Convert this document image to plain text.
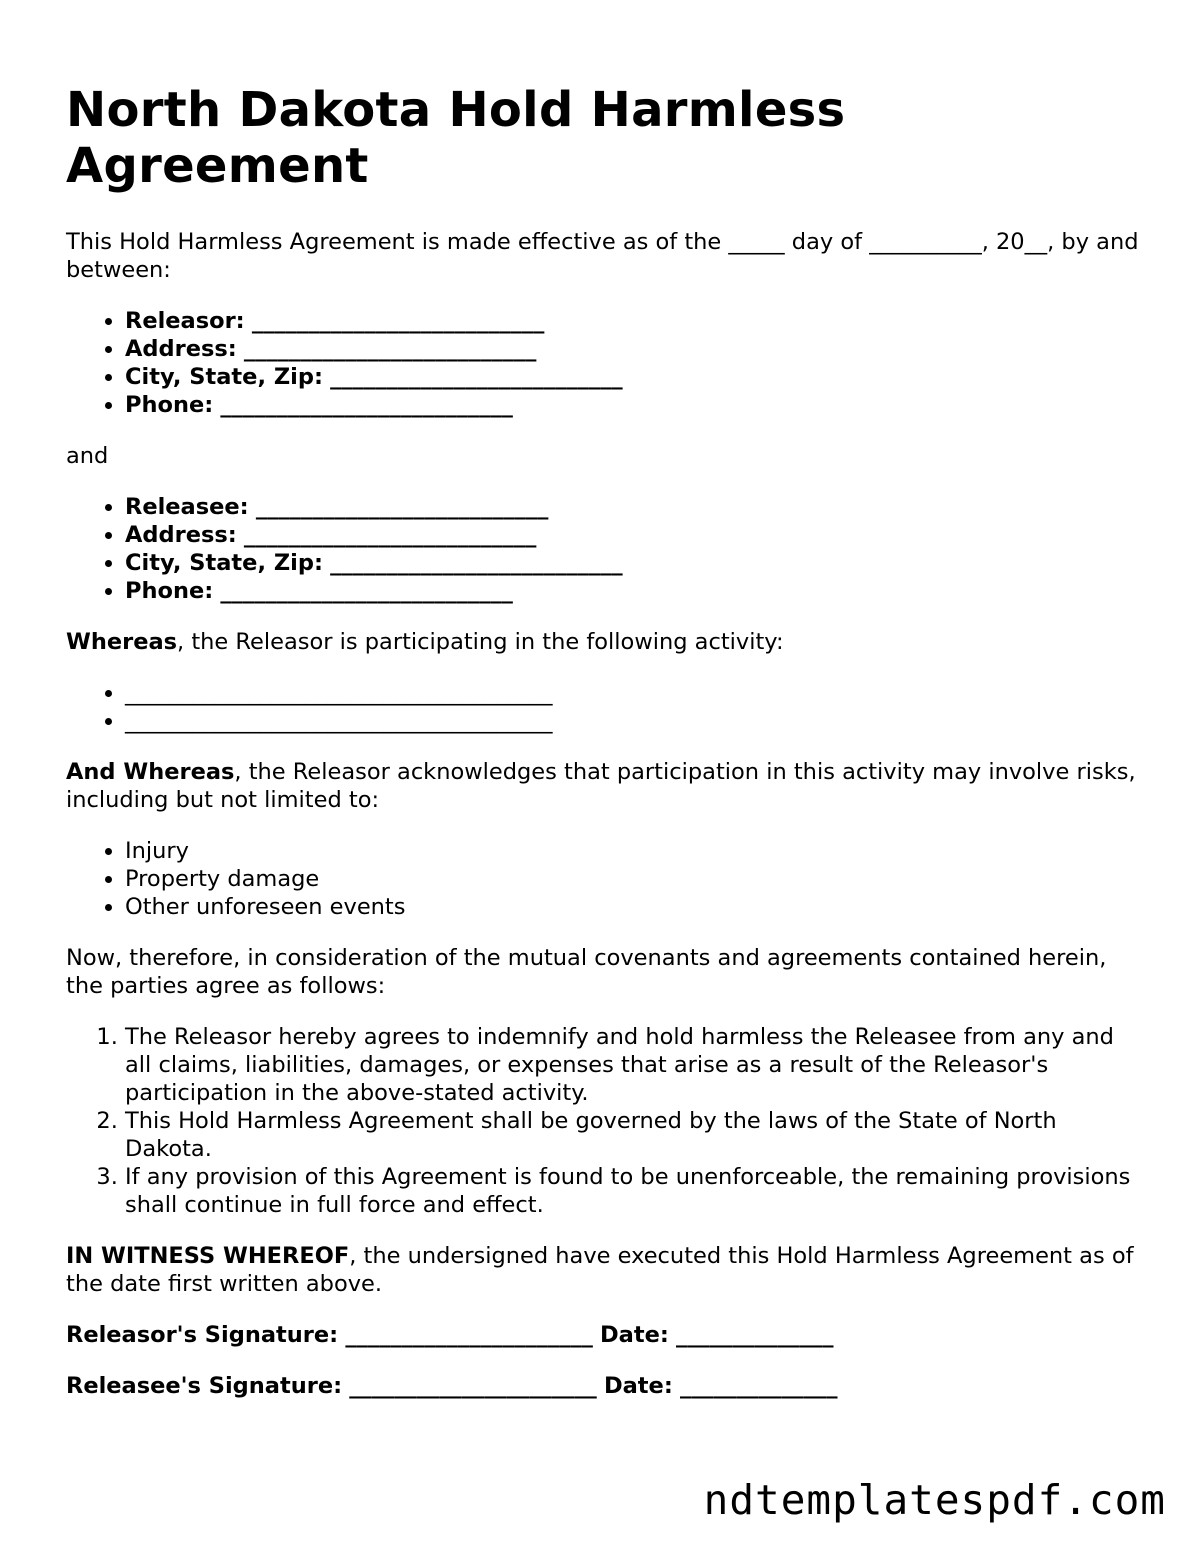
North Dakota Hold Harmless Agreement

This Hold Harmless Agreement is made effective as of the _____ day of __________, 20__, by and between:

• Releasor: __________________________
• Address: __________________________
• City, State, Zip: __________________________
• Phone: __________________________

and

• Releasee: __________________________
• Address: __________________________
• City, State, Zip: __________________________
• Phone: __________________________

Whereas, the Releasor is participating in the following activity:

• ______________________________________
• ______________________________________

And Whereas, the Releasor acknowledges that participation in this activity may involve risks, including but not limited to:

• Injury
• Property damage
• Other unforeseen events

Now, therefore, in consideration of the mutual covenants and agreements contained herein, the parties agree as follows:

1. The Releasor hereby agrees to indemnify and hold harmless the Releasee from any and all claims, liabilities, damages, or expenses that arise as a result of the Releasor's participation in the above-stated activity.
2. This Hold Harmless Agreement shall be governed by the laws of the State of North Dakota.
3. If any provision of this Agreement is found to be unenforceable, the remaining provisions shall continue in full force and effect.

IN WITNESS WHEREOF, the undersigned have executed this Hold Harmless Agreement as of the date first written above.

Releasor's Signature: ______________________ Date: ______________
Releasee's Signature: ______________________ Date: ______________
ndtemplatespdf.com
